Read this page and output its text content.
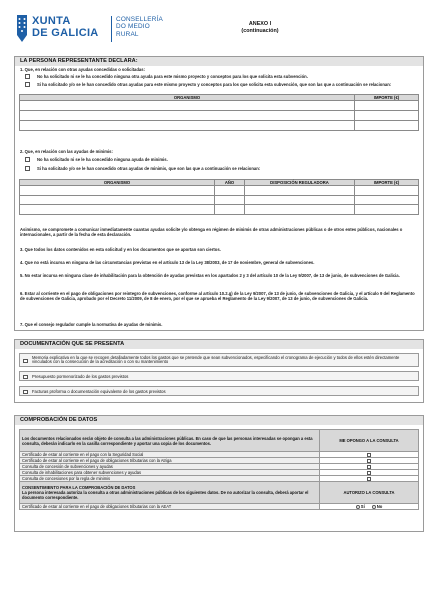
XUNTA
DE GALICIA
CONSELLERÍA
DO MEDIO
RURAL
ANEXO I
(continuación)
LA PERSONA REPRESENTANTE DECLARA:
1. Que, en relación con otras ayudas concedidas o solicitadas:
No ha solicitado ni se le ha concedido ninguna otra ayuda para este mismo proyecto y conceptos para los que solicita esta subvención.
Si ha solicitado y/o se le han concedido otras ayudas para este mismo proyecto y conceptos para los que solicita esta subvención, que son las que a continuación se relacionan:
ORGANISMO	IMPORTE (€)

2. Que, en relación con las ayudas de minimis:
No ha solicitado ni se le ha concedido ninguna ayuda de minimis.
Si ha solicitado y/o se le han concedido otras ayudas de minimis, que son las que a continuación se relacionan:
ORGANISMO	AÑO	DISPOSICIÓN REGULADORA	IMPORTE (€)

Asimismo, se compromete a comunicar inmediatamente cuantas ayudas solicite y/o obtenga en régimen de minimis de otras administraciones públicas o de otros entes públicos, nacionales o internacionales, a partir de la fecha de esta declaración.
3. Que todos los datos contenidos en esta solicitud y en los documentos que se aportan son ciertos.
4. Que no está incursa en ninguna de las circunstancias previstas en el artículo 13 de la Ley 38/2003, de 17 de noviembre, general de subvenciones.
5. No estar incursa en ninguna clase de inhabilitación para la obtención de ayudas previstas en los apartados 2 y 3 del artículo 10 de la Ley 9/2007, de 13 de junio, de subvenciones de Galicia.
6. Estar al corriente en el pago de obligaciones por reintegro de subvenciones, conforme al artículo 10.2.g) de la Ley 9/2007, de 13 de junio, de subvenciones de Galicia, y el artículo 9 del Reglamento de subvenciones de Galicia, aprobado por el Decreto 11/2009, de 8 de enero, por el que se aprueba el Reglamento de la Ley 9/2007, de 13 de junio, de subvenciones de Galicia.
7. Que el consejo regulador cumple la normativa de ayudas de minimis.
DOCUMENTACIÓN QUE SE PRESENTA
Memoria explicativa en la que se recogen detalladamente todos los gastos que se pretende que sean subvencionados, especificando el cronograma de ejecución y todos de ellos estén directamente vinculados con la consecución de la acreditación o con su mantenimiento
Presupuesto pormenorizado de los gastos previstos
Facturas proforma o documentación equivalente de los gastos previstos
COMPROBACIÓN DE DATOS
Los documentos relacionados serán objeto de consulta a las administraciones públicas. En caso de que las personas interesadas se opongan a esta consulta, deberán indicarlo en la casilla correspondiente y aportar una copia de los documentos.	ME OPONGO A LA CONSULTA
Certificado de estar al corriente en el pago con la Seguridad Social	
Certificado de estar al corriente en el pago de obligaciones tributarias con la Atriga	
Consulta de concesión de subvenciones y ayudas	
Consulta de inhabilitaciones para obtener subvenciones y ayudas	
Consulta de concesiones por la regla de minimis	

CONSENTIMIENTO PARA LA COMPROBACIÓN DE DATOS
La persona interesada autoriza la consulta a otras administraciones públicas de los siguientes datos. De no autorizar la consulta, deberá aportar el documento correspondiente.	AUTORIZO LA CONSULTA
Certificado de estar al corriente en el pago de obligaciones tributarias con la AEAT	Sí No
